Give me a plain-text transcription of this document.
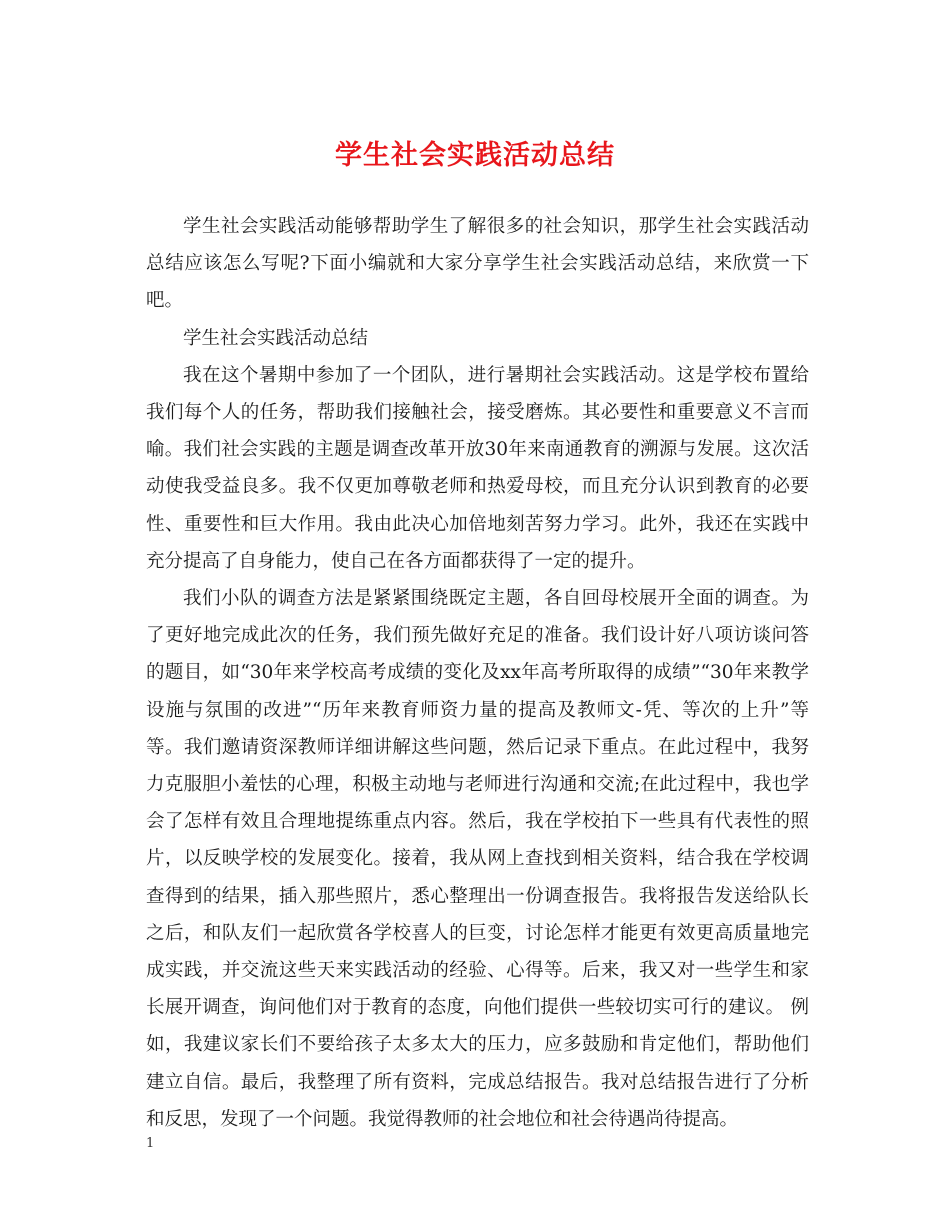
学生社会实践活动总结

学生社会实践活动能够帮助学生了解很多的社会知识，那学生社会实践活动总结应该怎么写呢?下面小编就和大家分享学生社会实践活动总结，来欣赏一下吧。

学生社会实践活动总结

我在这个暑期中参加了一个团队，进行暑期社会实践活动。这是学校布置给我们每个人的任务，帮助我们接触社会，接受磨炼。其必要性和重要意义不言而喻。我们社会实践的主题是调查改革开放30年来南通教育的溯源与发展。这次活动使我受益良多。我不仅更加尊敬老师和热爱母校，而且充分认识到教育的必要性、重要性和巨大作用。我由此决心加倍地刻苦努力学习。此外，我还在实践中充分提高了自身能力，使自己在各方面都获得了一定的提升。

我们小队的调查方法是紧紧围绕既定主题，各自回母校展开全面的调查。为了更好地完成此次的任务，我们预先做好充足的准备。我们设计好八项访谈问答的题目，如“30年来学校高考成绩的变化及xx年高考所取得的成绩”“30年来教学设施与氛围的改进”“历年来教育师资力量的提高及教师文-凭、等次的上升”等等。我们邀请资深教师详细讲解这些问题，然后记录下重点。在此过程中，我努力克服胆小羞怯的心理，积极主动地与老师进行沟通和交流;在此过程中，我也学会了怎样有效且合理地提练重点内容。然后，我在学校拍下一些具有代表性的照片，以反映学校的发展变化。接着，我从网上查找到相关资料，结合我在学校调查得到的结果，插入那些照片，悉心整理出一份调查报告。我将报告发送给队长之后，和队友们一起欣赏各学校喜人的巨变，讨论怎样才能更有效更高质量地完成实践，并交流这些天来实践活动的经验、心得等。后来，我又对一些学生和家长展开调查，询问他们对于教育的态度，向他们提供一些较切实可行的建议。 例如，我建议家长们不要给孩子太多太大的压力，应多鼓励和肯定他们，帮助他们建立自信。最后，我整理了所有资料，完成总结报告。我对总结报告进行了分析和反思，发现了一个问题。我觉得教师的社会地位和社会待遇尚待提高。

1
